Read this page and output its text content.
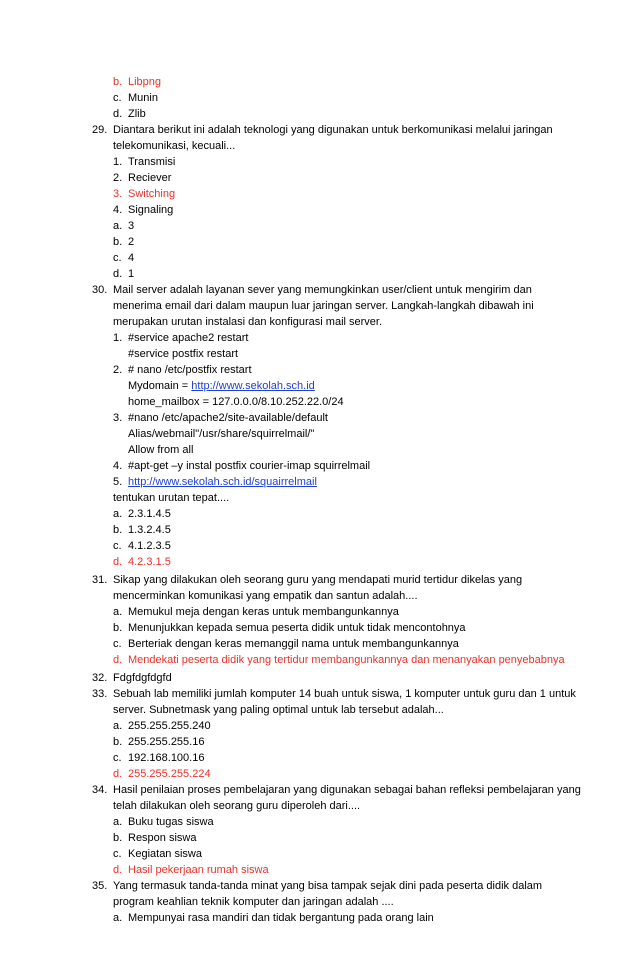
b. Libpng
c. Munin
d. Zlib
29. Diantara berikut ini adalah teknologi yang digunakan untuk berkomunikasi melalui jaringan
telekomunikasi, kecuali...
1. Transmisi
2. Reciever
3. Switching
4. Signaling
a. 3
b. 2
c. 4
d. 1
30. Mail server adalah layanan sever yang memungkinkan user/client untuk mengirim dan
menerima email dari dalam maupun luar jaringan server. Langkah-langkah dibawah ini
merupakan urutan instalasi dan konfigurasi mail server.
1. #service apache2 restart
#service postfix restart
2. # nano /etc/postfix restart
Mydomain = http://www.sekolah.sch.id
home_mailbox = 127.0.0.0/8.10.252.22.0/24
3. #nano /etc/apache2/site-available/default
Alias/webmail"/usr/share/squirrelmail/"
Allow from all
4. #apt-get –y instal postfix courier-imap squirrelmail
5. http://www.sekolah.sch.id/squairrelmail
tentukan urutan tepat....
a. 2.3.1.4.5
b. 1.3.2.4.5
c. 4.1.2.3.5
d. 4.2.3.1.5
31. Sikap yang dilakukan oleh seorang guru yang mendapati murid tertidur dikelas yang
mencerminkan komunikasi yang empatik dan santun adalah....
a. Memukul meja dengan keras untuk membangunkannya
b. Menunjukkan kepada semua peserta didik untuk tidak mencontohnya
c. Berteriak dengan keras memanggil nama untuk membangunkannya
d. Mendekati peserta didik yang tertidur membangunkannya dan menanyakan penyebabnya
32. Fdgfdgfdgfd
33. Sebuah lab memiliki jumlah komputer 14 buah untuk siswa, 1 komputer untuk guru dan 1 untuk
server. Subnetmask yang paling optimal untuk lab tersebut adalah...
a. 255.255.255.240
b. 255.255.255.16
c. 192.168.100.16
d. 255.255.255.224
34. Hasil penilaian proses pembelajaran yang digunakan sebagai bahan refleksi pembelajaran yang
telah dilakukan oleh seorang guru diperoleh dari....
a. Buku tugas siswa
b. Respon siswa
c. Kegiatan siswa
d. Hasil pekerjaan rumah siswa
35. Yang termasuk tanda-tanda minat yang bisa tampak sejak dini pada peserta didik dalam
program keahlian teknik komputer dan jaringan adalah ....
a. Mempunyai rasa mandiri dan tidak bergantung pada orang lain
